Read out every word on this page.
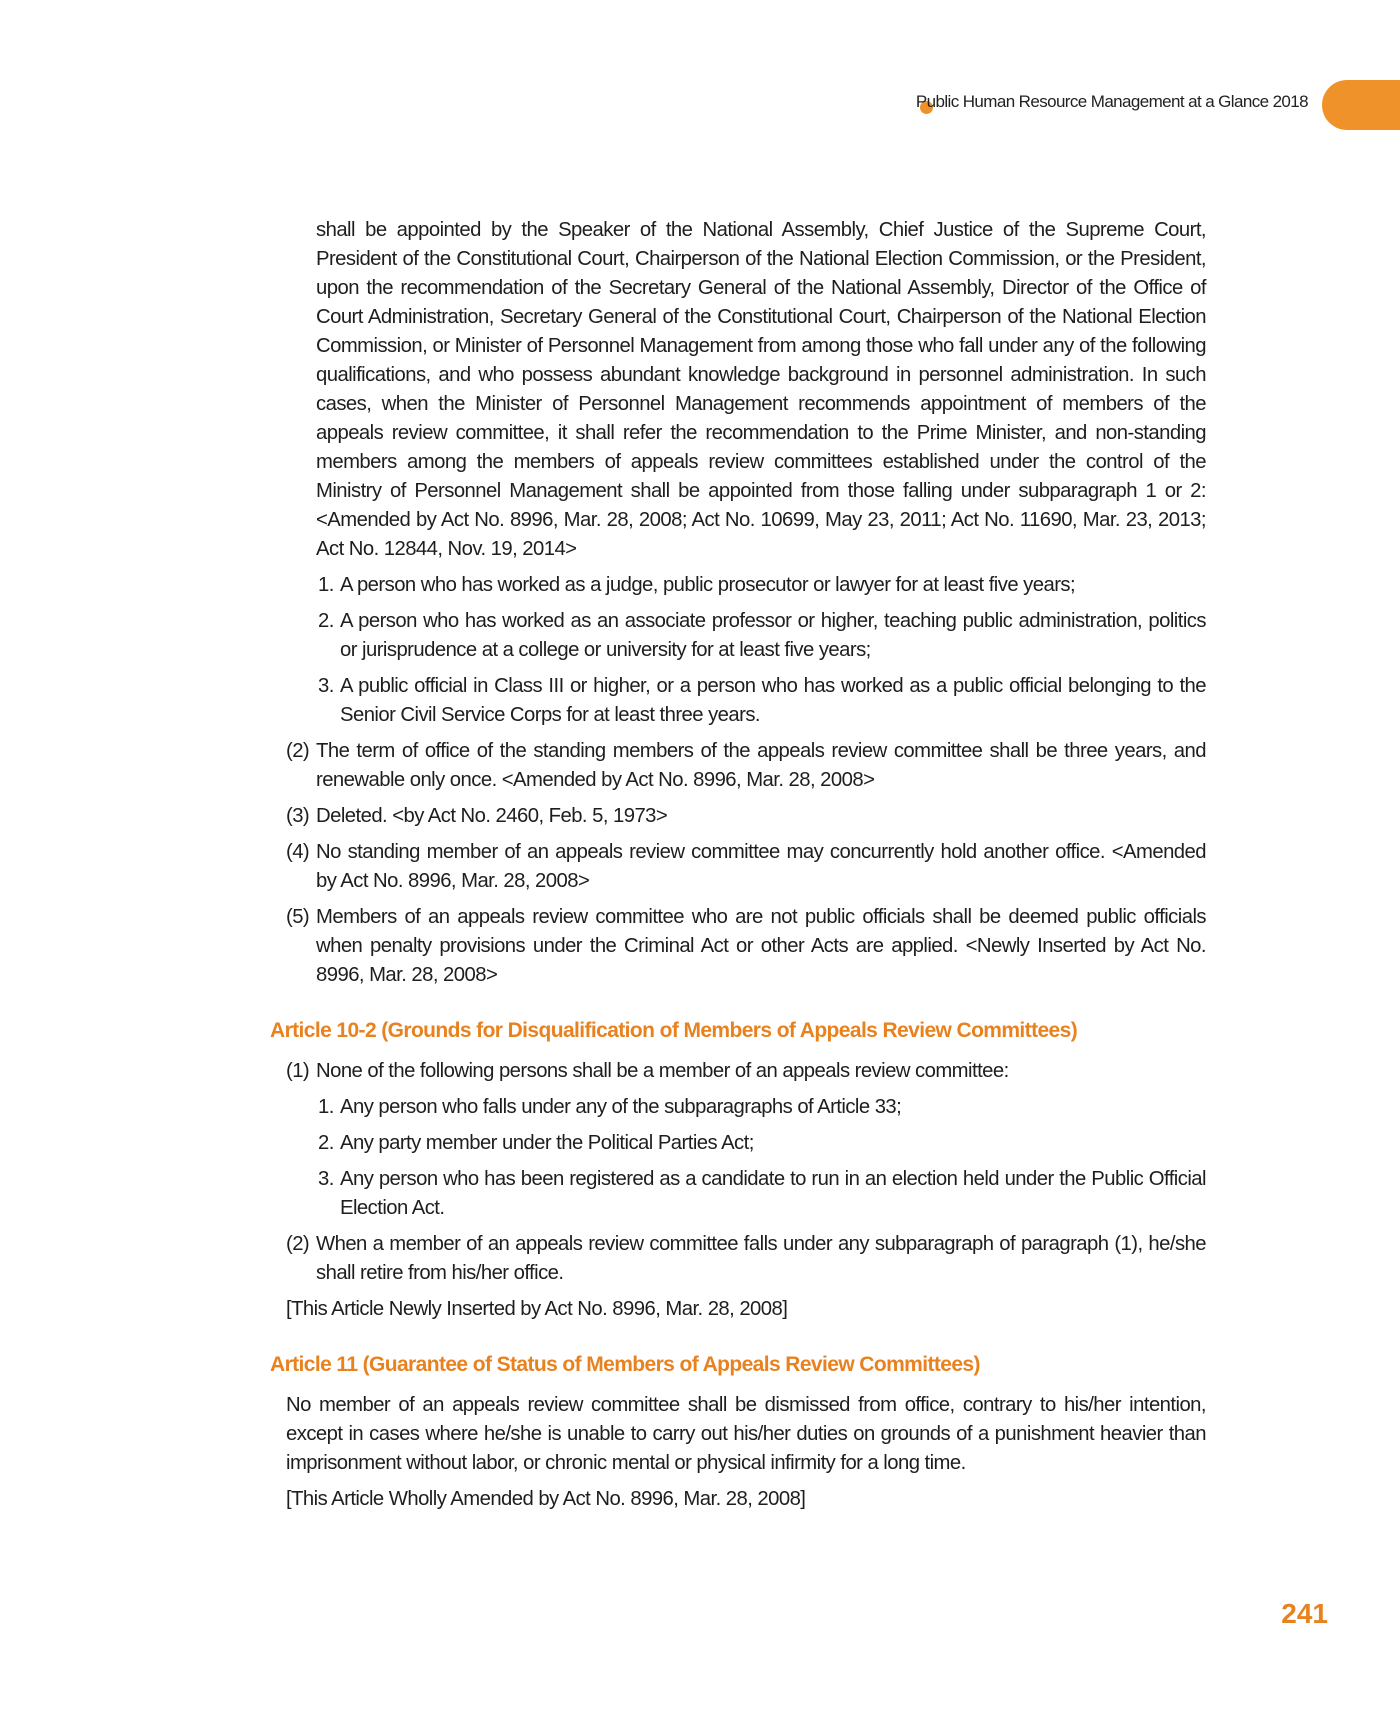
Public Human Resource Management at a Glance 2018

shall be appointed by the Speaker of the National Assembly, Chief Justice of the Supreme Court, President of the Constitutional Court, Chairperson of the National Election Commission, or the President, upon the recommendation of the Secretary General of the National Assembly, Director of the Office of Court Administration, Secretary General of the Constitutional Court, Chairperson of the National Election Commission, or Minister of Personnel Management from among those who fall under any of the following qualifications, and who possess abundant knowledge background in personnel administration. In such cases, when the Minister of Personnel Management recommends appointment of members of the appeals review committee, it shall refer the recommendation to the Prime Minister, and non-standing members among the members of appeals review committees established under the control of the Ministry of Personnel Management shall be appointed from those falling under subparagraph 1 or 2: <Amended by Act No. 8996, Mar. 28, 2008; Act No. 10699, May 23, 2011; Act No. 11690, Mar. 23, 2013; Act No. 12844, Nov. 19, 2014>

1. A person who has worked as a judge, public prosecutor or lawyer for at least five years;
2. A person who has worked as an associate professor or higher, teaching public administration, politics or jurisprudence at a college or university for at least five years;
3. A public official in Class III or higher, or a person who has worked as a public official belonging to the Senior Civil Service Corps for at least three years.
(2) The term of office of the standing members of the appeals review committee shall be three years, and renewable only once. <Amended by Act No. 8996, Mar. 28, 2008>
(3) Deleted. <by Act No. 2460, Feb. 5, 1973>
(4) No standing member of an appeals review committee may concurrently hold another office. <Amended by Act No. 8996, Mar. 28, 2008>
(5) Members of an appeals review committee who are not public officials shall be deemed public officials when penalty provisions under the Criminal Act or other Acts are applied. <Newly Inserted by Act No. 8996, Mar. 28, 2008>
Article 10-2 (Grounds for Disqualification of Members of Appeals Review Committees)
(1) None of the following persons shall be a member of an appeals review committee:
1. Any person who falls under any of the subparagraphs of Article 33;
2. Any party member under the Political Parties Act;
3. Any person who has been registered as a candidate to run in an election held under the Public Official Election Act.
(2) When a member of an appeals review committee falls under any subparagraph of paragraph (1), he/she shall retire from his/her office.

[This Article Newly Inserted by Act No. 8996, Mar. 28, 2008]

Article 11 (Guarantee of Status of Members of Appeals Review Committees)

No member of an appeals review committee shall be dismissed from office, contrary to his/her intention, except in cases where he/she is unable to carry out his/her duties on grounds of a punishment heavier than imprisonment without labor, or chronic mental or physical infirmity for a long time.

[This Article Wholly Amended by Act No. 8996, Mar. 28, 2008]

241
